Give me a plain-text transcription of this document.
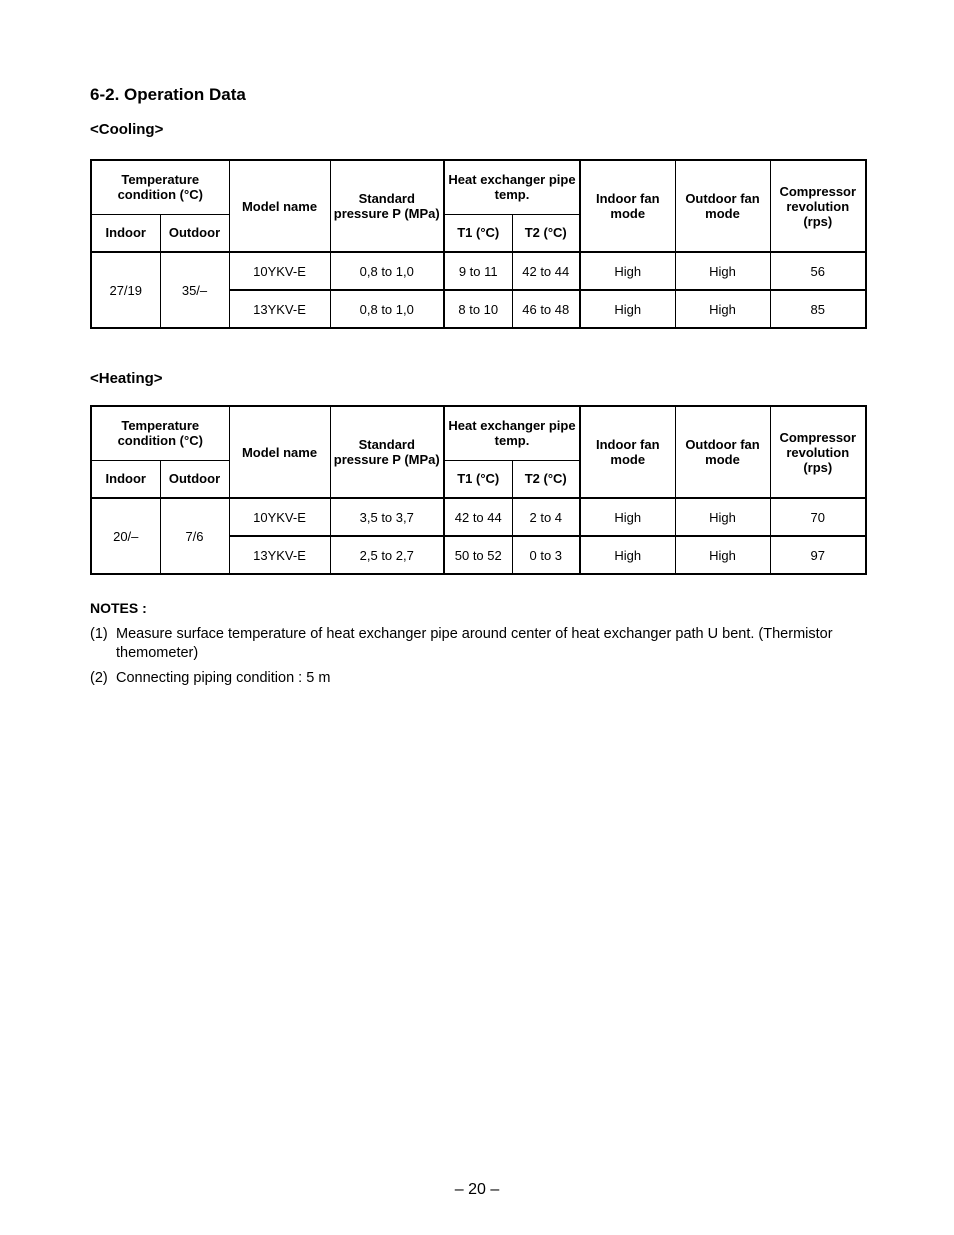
6-2. Operation Data
<Cooling>
Temperature condition (°C)		Model name	Standard pressure P (MPa)	Heat exchanger pipe temp.		Indoor fan mode	Outdoor fan mode	Compressor revolution (rps)
Indoor	Outdoor			T1 (°C)	T2 (°C)			
27/19	35/–	10YKV-E	0,8 to 1,0	9 to 11	42 to 44	High	High	56
		13YKV-E	0,8 to 1,0	8 to 10	46 to 48	High	High	85
<Heating>
Temperature condition (°C)		Model name	Standard pressure P (MPa)	Heat exchanger pipe temp.		Indoor fan mode	Outdoor fan mode	Compressor revolution (rps)
Indoor	Outdoor			T1 (°C)	T2 (°C)			
20/–	7/6	10YKV-E	3,5 to 3,7	42 to 44	2 to 4	High	High	70
		13YKV-E	2,5 to 2,7	50 to 52	0 to 3	High	High	97
NOTES :
(1) Measure surface temperature of heat exchanger pipe around center of heat exchanger path U bent. (Thermistor themometer)
(2) Connecting piping condition : 5 m
– 20 –
